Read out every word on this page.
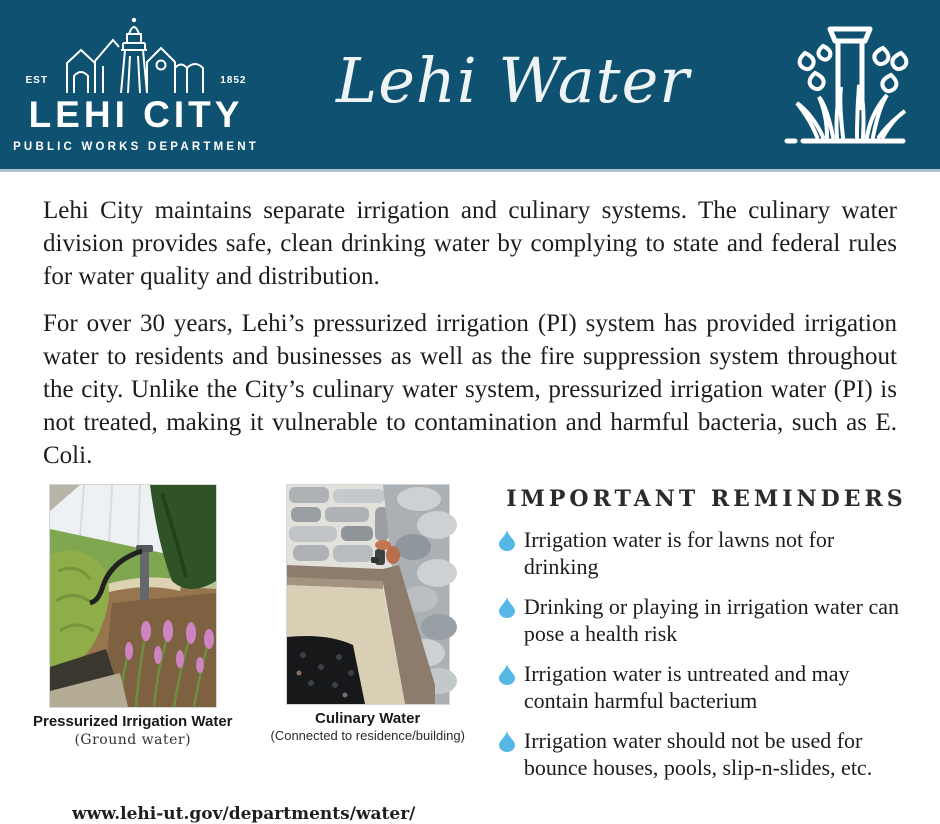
EST	1852
LEHI CITY
PUBLIC WORKS DEPARTMENT
Lehi Water

Lehi City maintains separate irrigation and culinary systems. The culinary water division provides safe, clean drinking water by complying to state and federal rules for water quality and distribution.

For over 30 years, Lehi’s pressurized irrigation (PI) system has provided irrigation water to residents and businesses as well as the fire suppression system throughout the city. Unlike the City’s culinary water system, pressurized irrigation water (PI) is not treated, making it vulnerable to contamination and harmful bacteria, such as E. Coli.

Pressurized Irrigation Water
(Ground water)
Culinary Water
(Connected to residence/building)
IMPORTANT REMINDERS
Irrigation water is for lawns not for drinking
Drinking or playing in irrigation water can pose a health risk
Irrigation water is untreated and may contain harmful bacterium
Irrigation water should not be used for bounce houses, pools, slip-n-slides, etc.
www.lehi-ut.gov/departments/water/
